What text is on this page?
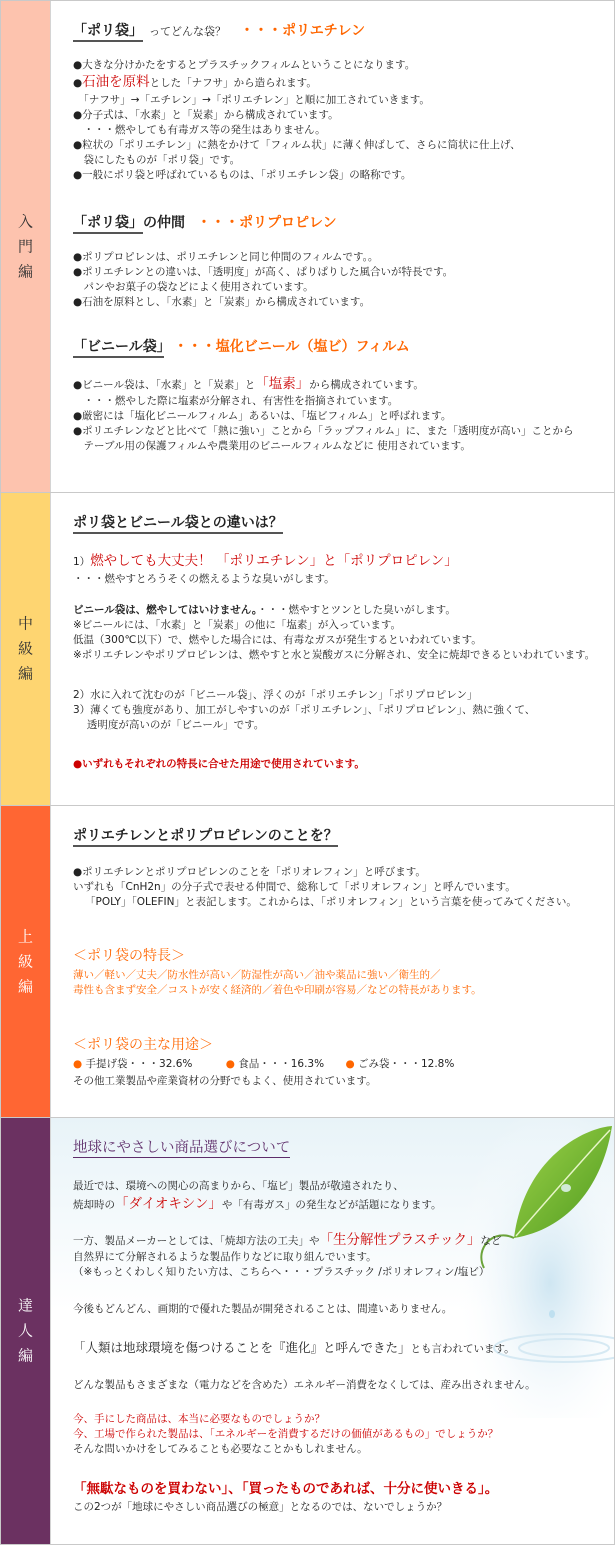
入
門
編
「ポリ袋」 ってどんな袋？ ・・・ポリエチレン
●大きな分けかたをするとプラスチックフィルムということになります。
●石油を原料とした「ナフサ」から造られます。
　「ナフサ」→「エチレン」→「ポリエチレン」と順に加工されていきます。
●分子式は、「水素」と「炭素」から構成されています。
　・・・燃やしても有毒ガス等の発生はありません。
●粒状の「ポリエチレン」に熱をかけて「フィルム状」に薄く伸ばして、さらに筒状に仕上げ、
　袋にしたものが「ポリ袋」です。
●一般にポリ袋と呼ばれているものは、「ポリエチレン袋」の略称です。
「ポリ袋」の仲間 ・・・ポリプロピレン
●ポリプロピレンは、ポリエチレンと同じ仲間のフィルムです。。
●ポリエチレンとの違いは、「透明度」が高く、ぱりぱりした風合いが特長です。
　パンやお菓子の袋などによく使用されています。
●石油を原料とし、「水素」と「炭素」から構成されています。
「ビニール袋」 ・・・塩化ビニール（塩ビ）フィルム
●ビニール袋は、「水素」と「炭素」と「塩素」から構成されています。
　・・・燃やした際に塩素が分解され、有害性を指摘されています。
●厳密には「塩化ビニールフィルム」あるいは、「塩ビフィルム」と呼ばれます。
●ポリエチレンなどと比べて「熱に強い」ことから「ラップフィルム」に、また「透明度が高い」ことから
　テーブル用の保護フィルムや農業用のビニールフィルムなどに 使用されています。
中
級
編
ポリ袋とビニール袋との違いは？
1）燃やしても大丈夫！ 「ポリエチレン」と「ポリプロピレン」
・・・燃やすとろうそくの燃えるような臭いがします。
ビニール袋は、燃やしてはいけません。・・・燃やすとツンとした臭いがします。
※ビニールには、「水素」と「炭素」の他に「塩素」が入っています。
低温（300℃以下）で、燃やした場合には、有毒なガスが発生するといわれています。
※ポリエチレンやポリプロピレンは、燃やすと水と炭酸ガスに分解され、安全に焼却できるといわれています。
2）水に入れて沈むのが「ビニール袋」、浮くのが「ポリエチレン」「ポリプロピレン」
3）薄くても強度があり、加工がしやすいのが「ポリエチレン」、「ポリプロピレン」、熱に強くて、
　 透明度が高いのが「ビニール」です。
●いずれもそれぞれの特長に合せた用途で使用されています。
上
級
編
ポリエチレンとポリプロピレンのことを？
●ポリエチレンとポリプロピレンのことを「ポリオレフィン」と呼びます。
いずれも「CnH2n」の分子式で表せる仲間で、総称して「ポリオレフィン」と呼んでいます。
「POLY」「OLEFIN」と表記します。これからは、「ポリオレフィン」という言葉を使ってみてください。
＜ポリ袋の特長＞
薄い／軽い／丈夫／防水性が高い／防湿性が高い／油や薬品に強い／衛生的／
毒性も含まず安全／コストが安く経済的／着色や印刷が容易／などの特長があります。
＜ポリ袋の主な用途＞
● 手提げ袋・・・32.6%	● 食品・・・16.3% ● ごみ袋・・・12.8%
その他工業製品や産業資材の分野でもよく、使用されています。
達
人
編
地球にやさしい商品選びについて
最近では、環境への関心の高まりから、「塩ビ」製品が敬遠されたり、
焼却時の「ダイオキシン」や「有毒ガス」の発生などが話題になります。
一方、製品メーカーとしては、「焼却方法の工夫」や「生分解性プラスチック」など
自然界にて分解されるような製品作りなどに取り組んでいます。
（※もっとくわしく知りたい方は、こちらへ・・・プラスチック /ポリオレフィン/塩ビ）
今後もどんどん、画期的で優れた製品が開発されることは、間違いありません。
「人類は地球環境を傷つけることを『進化』と呼んできた」とも言われています。
どんな製品もさまざまな（電力などを含めた）エネルギー消費をなくしては、産み出されません。
今、手にした商品は、本当に必要なものでしょうか？
今、工場で作られた製品は、「エネルギーを消費するだけの価値があるもの」でしょうか？
そんな問いかけをしてみることも必要なことかもしれません。
「無駄なものを買わない」、「買ったものであれば、十分に使いきる」。
この2つが「地球にやさしい商品選びの極意」となるのでは、ないでしょうか？
